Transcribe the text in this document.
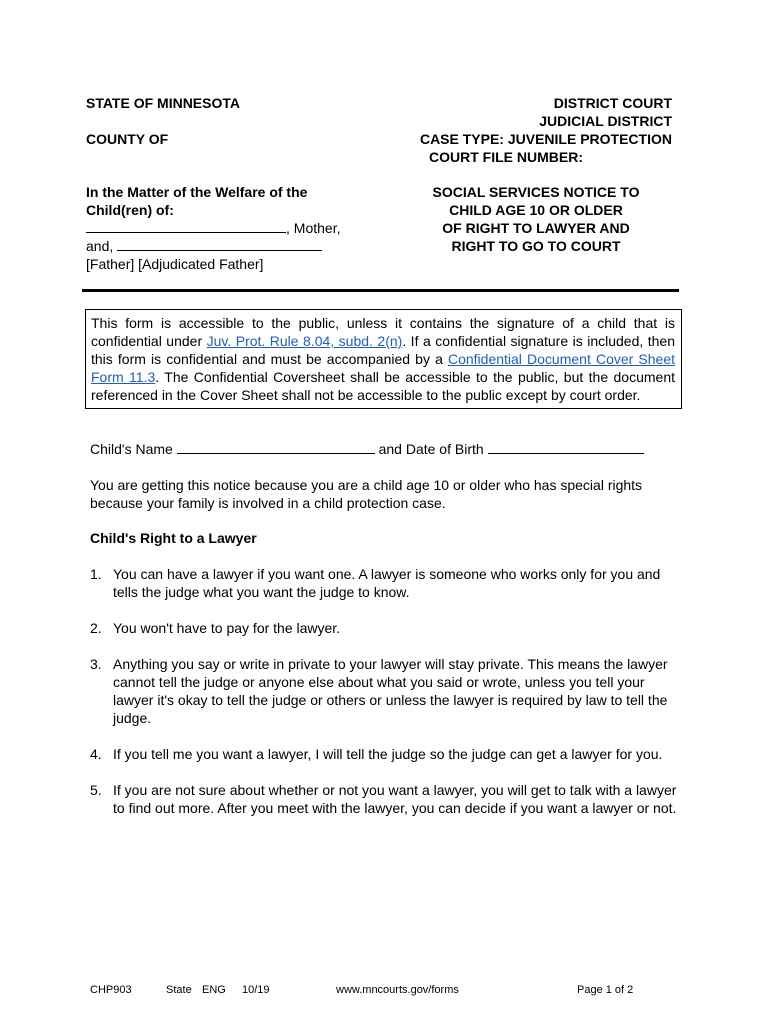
STATE OF MINNESOTA
COUNTY OF
DISTRICT COURT
JUDICIAL DISTRICT
CASE TYPE: JUVENILE PROTECTION
COURT FILE NUMBER:
In the Matter of the Welfare of the
Child(ren) of:
, Mother,
and,
[Father] [Adjudicated Father]
SOCIAL SERVICES NOTICE TO
CHILD AGE 10 OR OLDER
OF RIGHT TO LAWYER AND
RIGHT TO GO TO COURT
This form is accessible to the public, unless it contains the signature of a child that is confidential under Juv. Prot. Rule 8.04, subd. 2(n). If a confidential signature is included, then this form is confidential and must be accompanied by a Confidential Document Cover Sheet Form 11.3. The Confidential Coversheet shall be accessible to the public, but the document referenced in the Cover Sheet shall not be accessible to the public except by court order.
Child's Name	and Date of Birth
You are getting this notice because you are a child age 10 or older who has special rights because your family is involved in a child protection case.
Child's Right to a Lawyer
1. You can have a lawyer if you want one. A lawyer is someone who works only for you and tells the judge what you want the judge to know.
2. You won't have to pay for the lawyer.
3. Anything you say or write in private to your lawyer will stay private. This means the lawyer cannot tell the judge or anyone else about what you said or wrote, unless you tell your lawyer it's okay to tell the judge or others or unless the lawyer is required by law to tell the judge.
4. If you tell me you want a lawyer, I will tell the judge so the judge can get a lawyer for you.
5. If you are not sure about whether or not you want a lawyer, you will get to talk with a lawyer to find out more. After you meet with the lawyer, you can decide if you want a lawyer or not.
CHP903	State ENG 10/19	www.mncourts.gov/forms	Page 1 of 2
